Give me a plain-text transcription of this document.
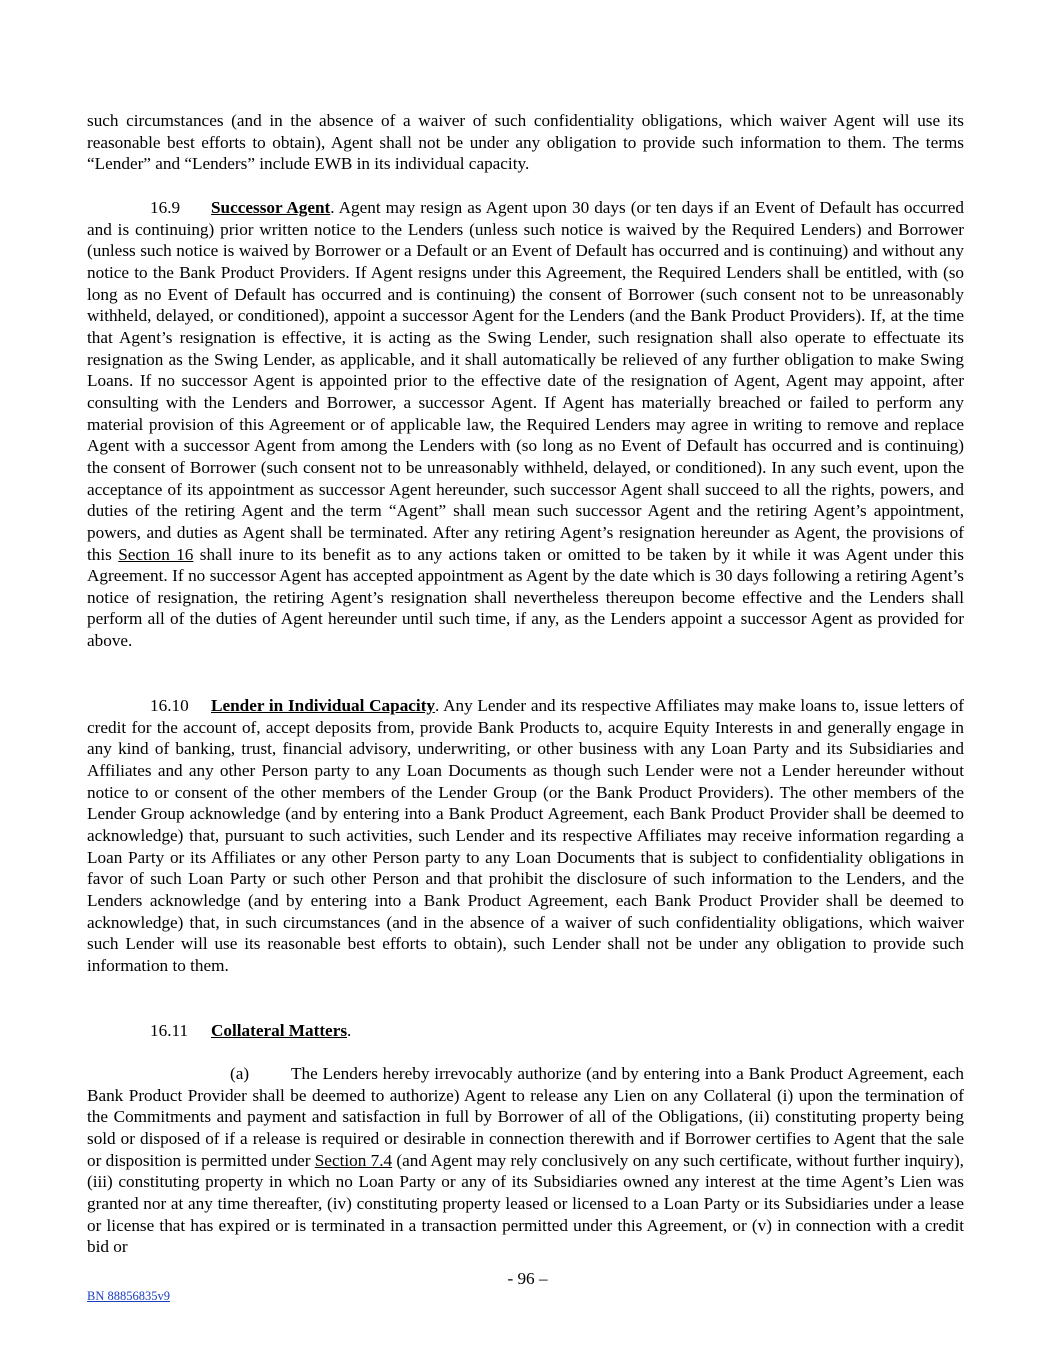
such circumstances (and in the absence of a waiver of such confidentiality obligations, which waiver Agent will use its reasonable best efforts to obtain), Agent shall not be under any obligation to provide such information to them. The terms “Lender” and “Lenders” include EWB in its individual capacity.

16.9 Successor Agent. Agent may resign as Agent upon 30 days (or ten days if an Event of Default has occurred and is continuing) prior written notice to the Lenders (unless such notice is waived by the Required Lenders) and Borrower (unless such notice is waived by Borrower or a Default or an Event of Default has occurred and is continuing) and without any notice to the Bank Product Providers. If Agent resigns under this Agreement, the Required Lenders shall be entitled, with (so long as no Event of Default has occurred and is continuing) the consent of Borrower (such consent not to be unreasonably withheld, delayed, or conditioned), appoint a successor Agent for the Lenders (and the Bank Product Providers). If, at the time that Agent’s resignation is effective, it is acting as the Swing Lender, such resignation shall also operate to effectuate its resignation as the Swing Lender, as applicable, and it shall automatically be relieved of any further obligation to make Swing Loans. If no successor Agent is appointed prior to the effective date of the resignation of Agent, Agent may appoint, after consulting with the Lenders and Borrower, a successor Agent. If Agent has materially breached or failed to perform any material provision of this Agreement or of applicable law, the Required Lenders may agree in writing to remove and replace Agent with a successor Agent from among the Lenders with (so long as no Event of Default has occurred and is continuing) the consent of Borrower (such consent not to be unreasonably withheld, delayed, or conditioned). In any such event, upon the acceptance of its appointment as successor Agent hereunder, such successor Agent shall succeed to all the rights, powers, and duties of the retiring Agent and the term “Agent” shall mean such successor Agent and the retiring Agent’s appointment, powers, and duties as Agent shall be terminated. After any retiring Agent’s resignation hereunder as Agent, the provisions of this Section 16 shall inure to its benefit as to any actions taken or omitted to be taken by it while it was Agent under this Agreement. If no successor Agent has accepted appointment as Agent by the date which is 30 days following a retiring Agent’s notice of resignation, the retiring Agent’s resignation shall nevertheless thereupon become effective and the Lenders shall perform all of the duties of Agent hereunder until such time, if any, as the Lenders appoint a successor Agent as provided for above.

16.10 Lender in Individual Capacity. Any Lender and its respective Affiliates may make loans to, issue letters of credit for the account of, accept deposits from, provide Bank Products to, acquire Equity Interests in and generally engage in any kind of banking, trust, financial advisory, underwriting, or other business with any Loan Party and its Subsidiaries and Affiliates and any other Person party to any Loan Documents as though such Lender were not a Lender hereunder without notice to or consent of the other members of the Lender Group (or the Bank Product Providers). The other members of the Lender Group acknowledge (and by entering into a Bank Product Agreement, each Bank Product Provider shall be deemed to acknowledge) that, pursuant to such activities, such Lender and its respective Affiliates may receive information regarding a Loan Party or its Affiliates or any other Person party to any Loan Documents that is subject to confidentiality obligations in favor of such Loan Party or such other Person and that prohibit the disclosure of such information to the Lenders, and the Lenders acknowledge (and by entering into a Bank Product Agreement, each Bank Product Provider shall be deemed to acknowledge) that, in such circumstances (and in the absence of a waiver of such confidentiality obligations, which waiver such Lender will use its reasonable best efforts to obtain), such Lender shall not be under any obligation to provide such information to them.

16.11 Collateral Matters.

(a) The Lenders hereby irrevocably authorize (and by entering into a Bank Product Agreement, each Bank Product Provider shall be deemed to authorize) Agent to release any Lien on any Collateral (i) upon the termination of the Commitments and payment and satisfaction in full by Borrower of all of the Obligations, (ii) constituting property being sold or disposed of if a release is required or desirable in connection therewith and if Borrower certifies to Agent that the sale or disposition is permitted under Section 7.4 (and Agent may rely conclusively on any such certificate, without further inquiry), (iii) constituting property in which no Loan Party or any of its Subsidiaries owned any interest at the time Agent’s Lien was granted nor at any time thereafter, (iv) constituting property leased or licensed to a Loan Party or its Subsidiaries under a lease or license that has expired or is terminated in a transaction permitted under this Agreement, or (v) in connection with a credit bid or

- 96 –

BN 88856835v9
